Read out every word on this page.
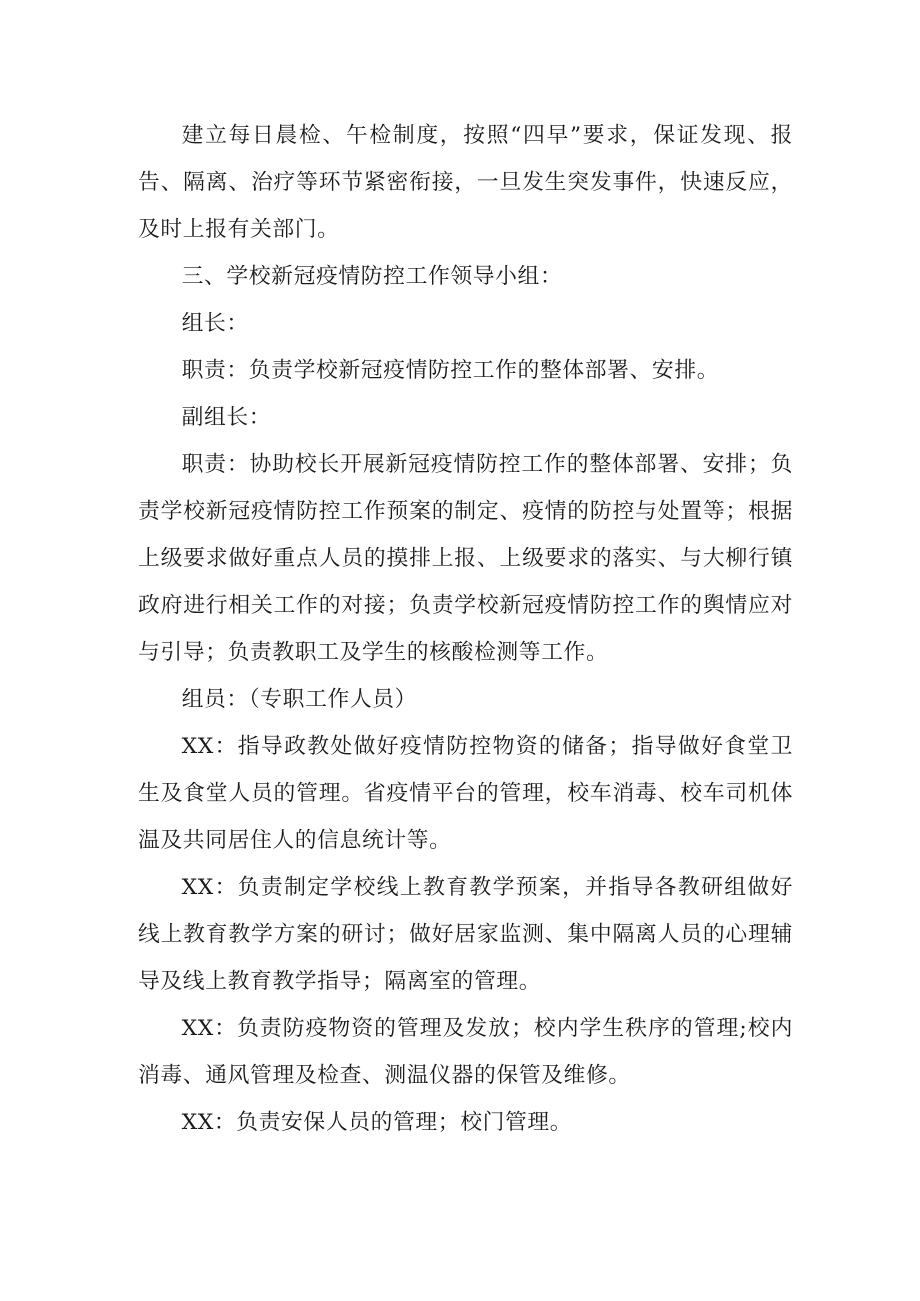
建立每日晨检、午检制度，按照“四早”要求，保证发现、报告、隔离、治疗等环节紧密衔接，一旦发生突发事件，快速反应，及时上报有关部门。

三、学校新冠疫情防控工作领导小组：

组长：

职责：负责学校新冠疫情防控工作的整体部署、安排。

副组长：

职责：协助校长开展新冠疫情防控工作的整体部署、安排；负责学校新冠疫情防控工作预案的制定、疫情的防控与处置等；根据上级要求做好重点人员的摸排上报、上级要求的落实、与大柳行镇政府进行相关工作的对接；负责学校新冠疫情防控工作的舆情应对与引导；负责教职工及学生的核酸检测等工作。

组员：（专职工作人员）

XX：指导政教处做好疫情防控物资的储备；指导做好食堂卫生及食堂人员的管理。省疫情平台的管理，校车消毒、校车司机体温及共同居住人的信息统计等。

XX：负责制定学校线上教育教学预案，并指导各教研组做好线上教育教学方案的研讨；做好居家监测、集中隔离人员的心理辅导及线上教育教学指导；隔离室的管理。

XX：负责防疫物资的管理及发放；校内学生秩序的管理;校内消毒、通风管理及检查、测温仪器的保管及维修。

XX：负责安保人员的管理；校门管理。
